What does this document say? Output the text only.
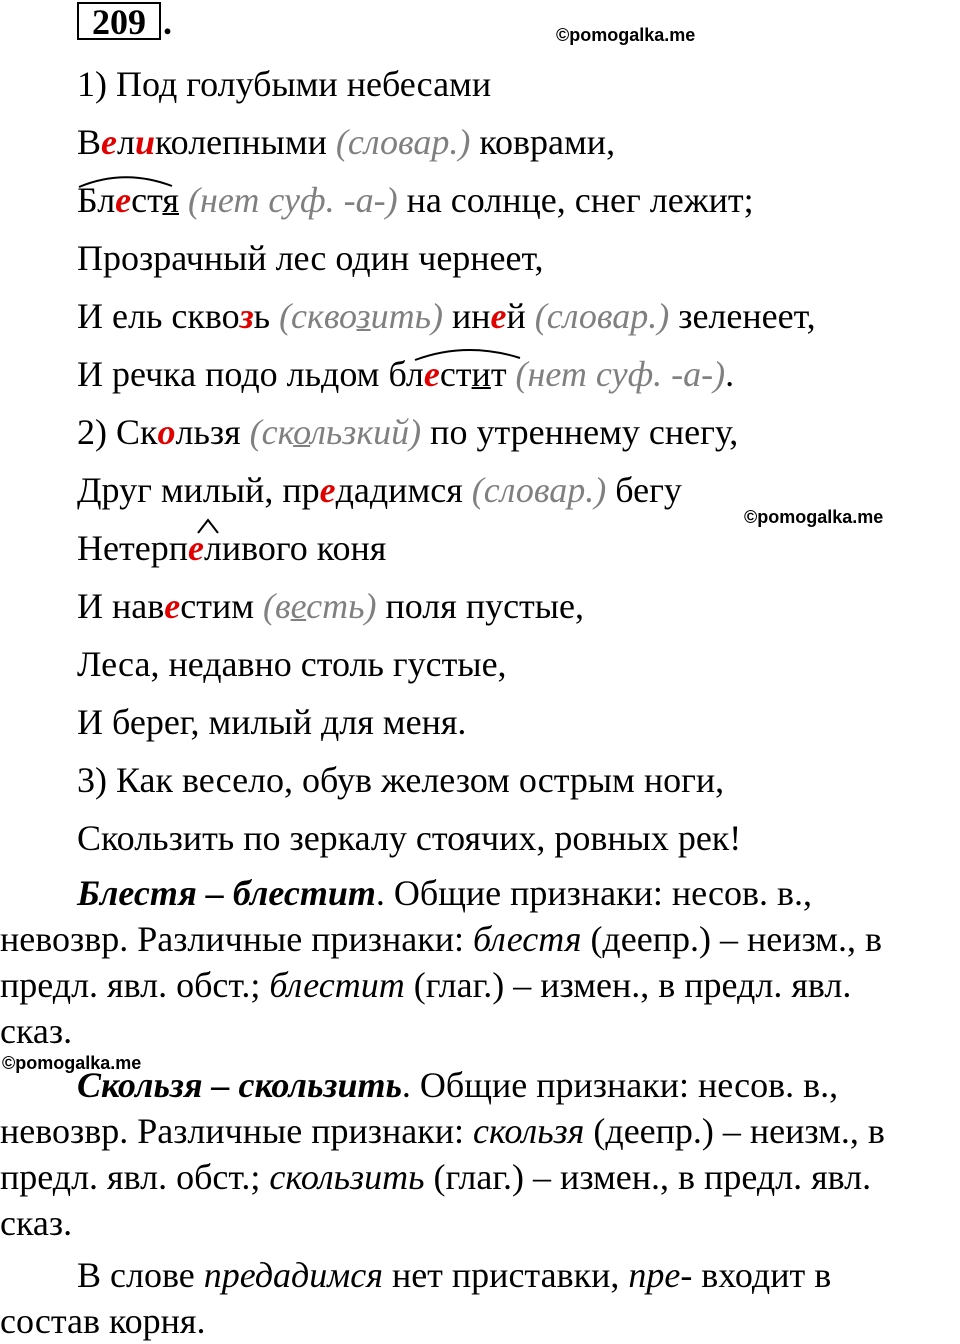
209 .	©pomogalka.me
©pomogalka.me
©pomogalka.me
1) Под голубыми небесами
Великолепными (словар.) коврами,
Блестя (нет суф. -а-) на солнце, снег лежит;
Прозрачный лес один чернеет,
И ель сквозь (сквозить) иней (словар.) зеленеет,
И речка подо льдом блестит (нет суф. -а-).
2) Скользя (скользкий) по утреннему снегу,
Друг милый, предадимся (словар.) бегу
Нетерпеливого коня
И навестим (весть) поля пустые,
Леса, недавно столь густые,
И берег, милый для меня.
3) Как весело, обув железом острым ноги,
Скользить по зеркалу стоячих, ровных рек!
Блестя – блестит. Общие признаки: несов. в.,
невозвр. Различные признаки: блестя (деепр.) – неизм., в
предл. явл. обст.; блестит (глаг.) – измен., в предл. явл.
сказ.
Скользя – скользить. Общие признаки: несов. в.,
невозвр. Различные признаки: скользя (деепр.) – неизм., в
предл. явл. обст.; скользить (глаг.) – измен., в предл. явл.
сказ.
В слове предадимся нет приставки, пре- входит в
состав корня.
